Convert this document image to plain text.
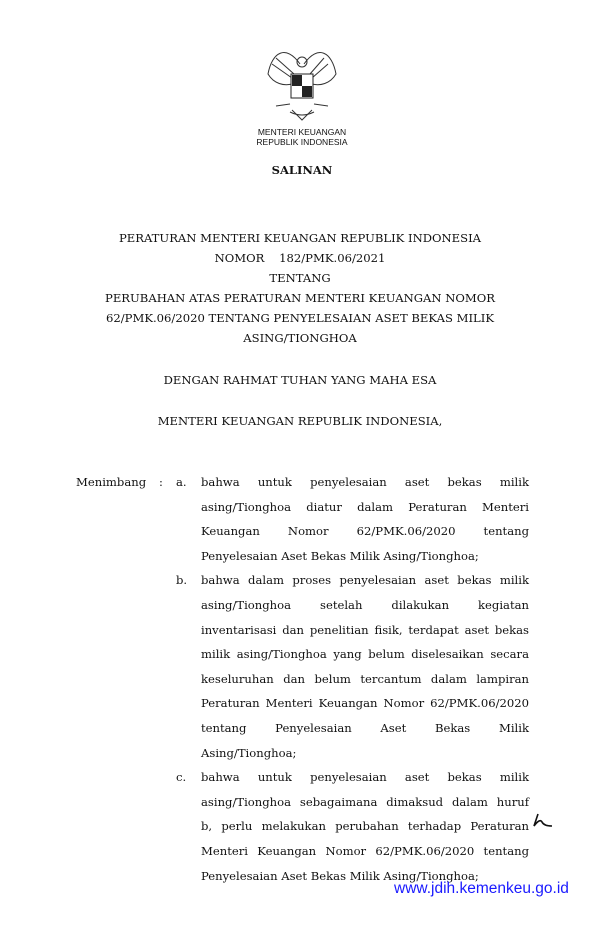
MENTERI KEUANGAN
REPUBLIK INDONESIA
SALINAN
PERATURAN MENTERI KEUANGAN REPUBLIK INDONESIA
NOMOR    182/PMK.06/2021
TENTANG
PERUBAHAN ATAS PERATURAN MENTERI KEUANGAN NOMOR
62/PMK.06/2020 TENTANG PENYELESAIAN ASET BEKAS MILIK
ASING/TIONGHOA
DENGAN RAHMAT TUHAN YANG MAHA ESA
MENTERI KEUANGAN REPUBLIK INDONESIA,
Menimbang : a. bahwa untuk penyelesaian aset bekas milik
asing/Tionghoa diatur dalam Peraturan Menteri
Keuangan Nomor 62/PMK.06/2020 tentang
Penyelesaian Aset Bekas Milik Asing/Tionghoa;
b. bahwa dalam proses penyelesaian aset bekas milik
asing/Tionghoa setelah dilakukan kegiatan
inventarisasi dan penelitian fisik, terdapat aset bekas
milik asing/Tionghoa yang belum diselesaikan secara
keseluruhan dan belum tercantum dalam lampiran
Peraturan Menteri Keuangan Nomor 62/PMK.06/2020
tentang Penyelesaian Aset Bekas Milik
Asing/Tionghoa;
c. bahwa untuk penyelesaian aset bekas milik
asing/Tionghoa sebagaimana dimaksud dalam huruf
b, perlu melakukan perubahan terhadap Peraturan
Menteri Keuangan Nomor 62/PMK.06/2020 tentang
Penyelesaian Aset Bekas Milik Asing/Tionghoa;
www.jdih.kemenkeu.go.id
